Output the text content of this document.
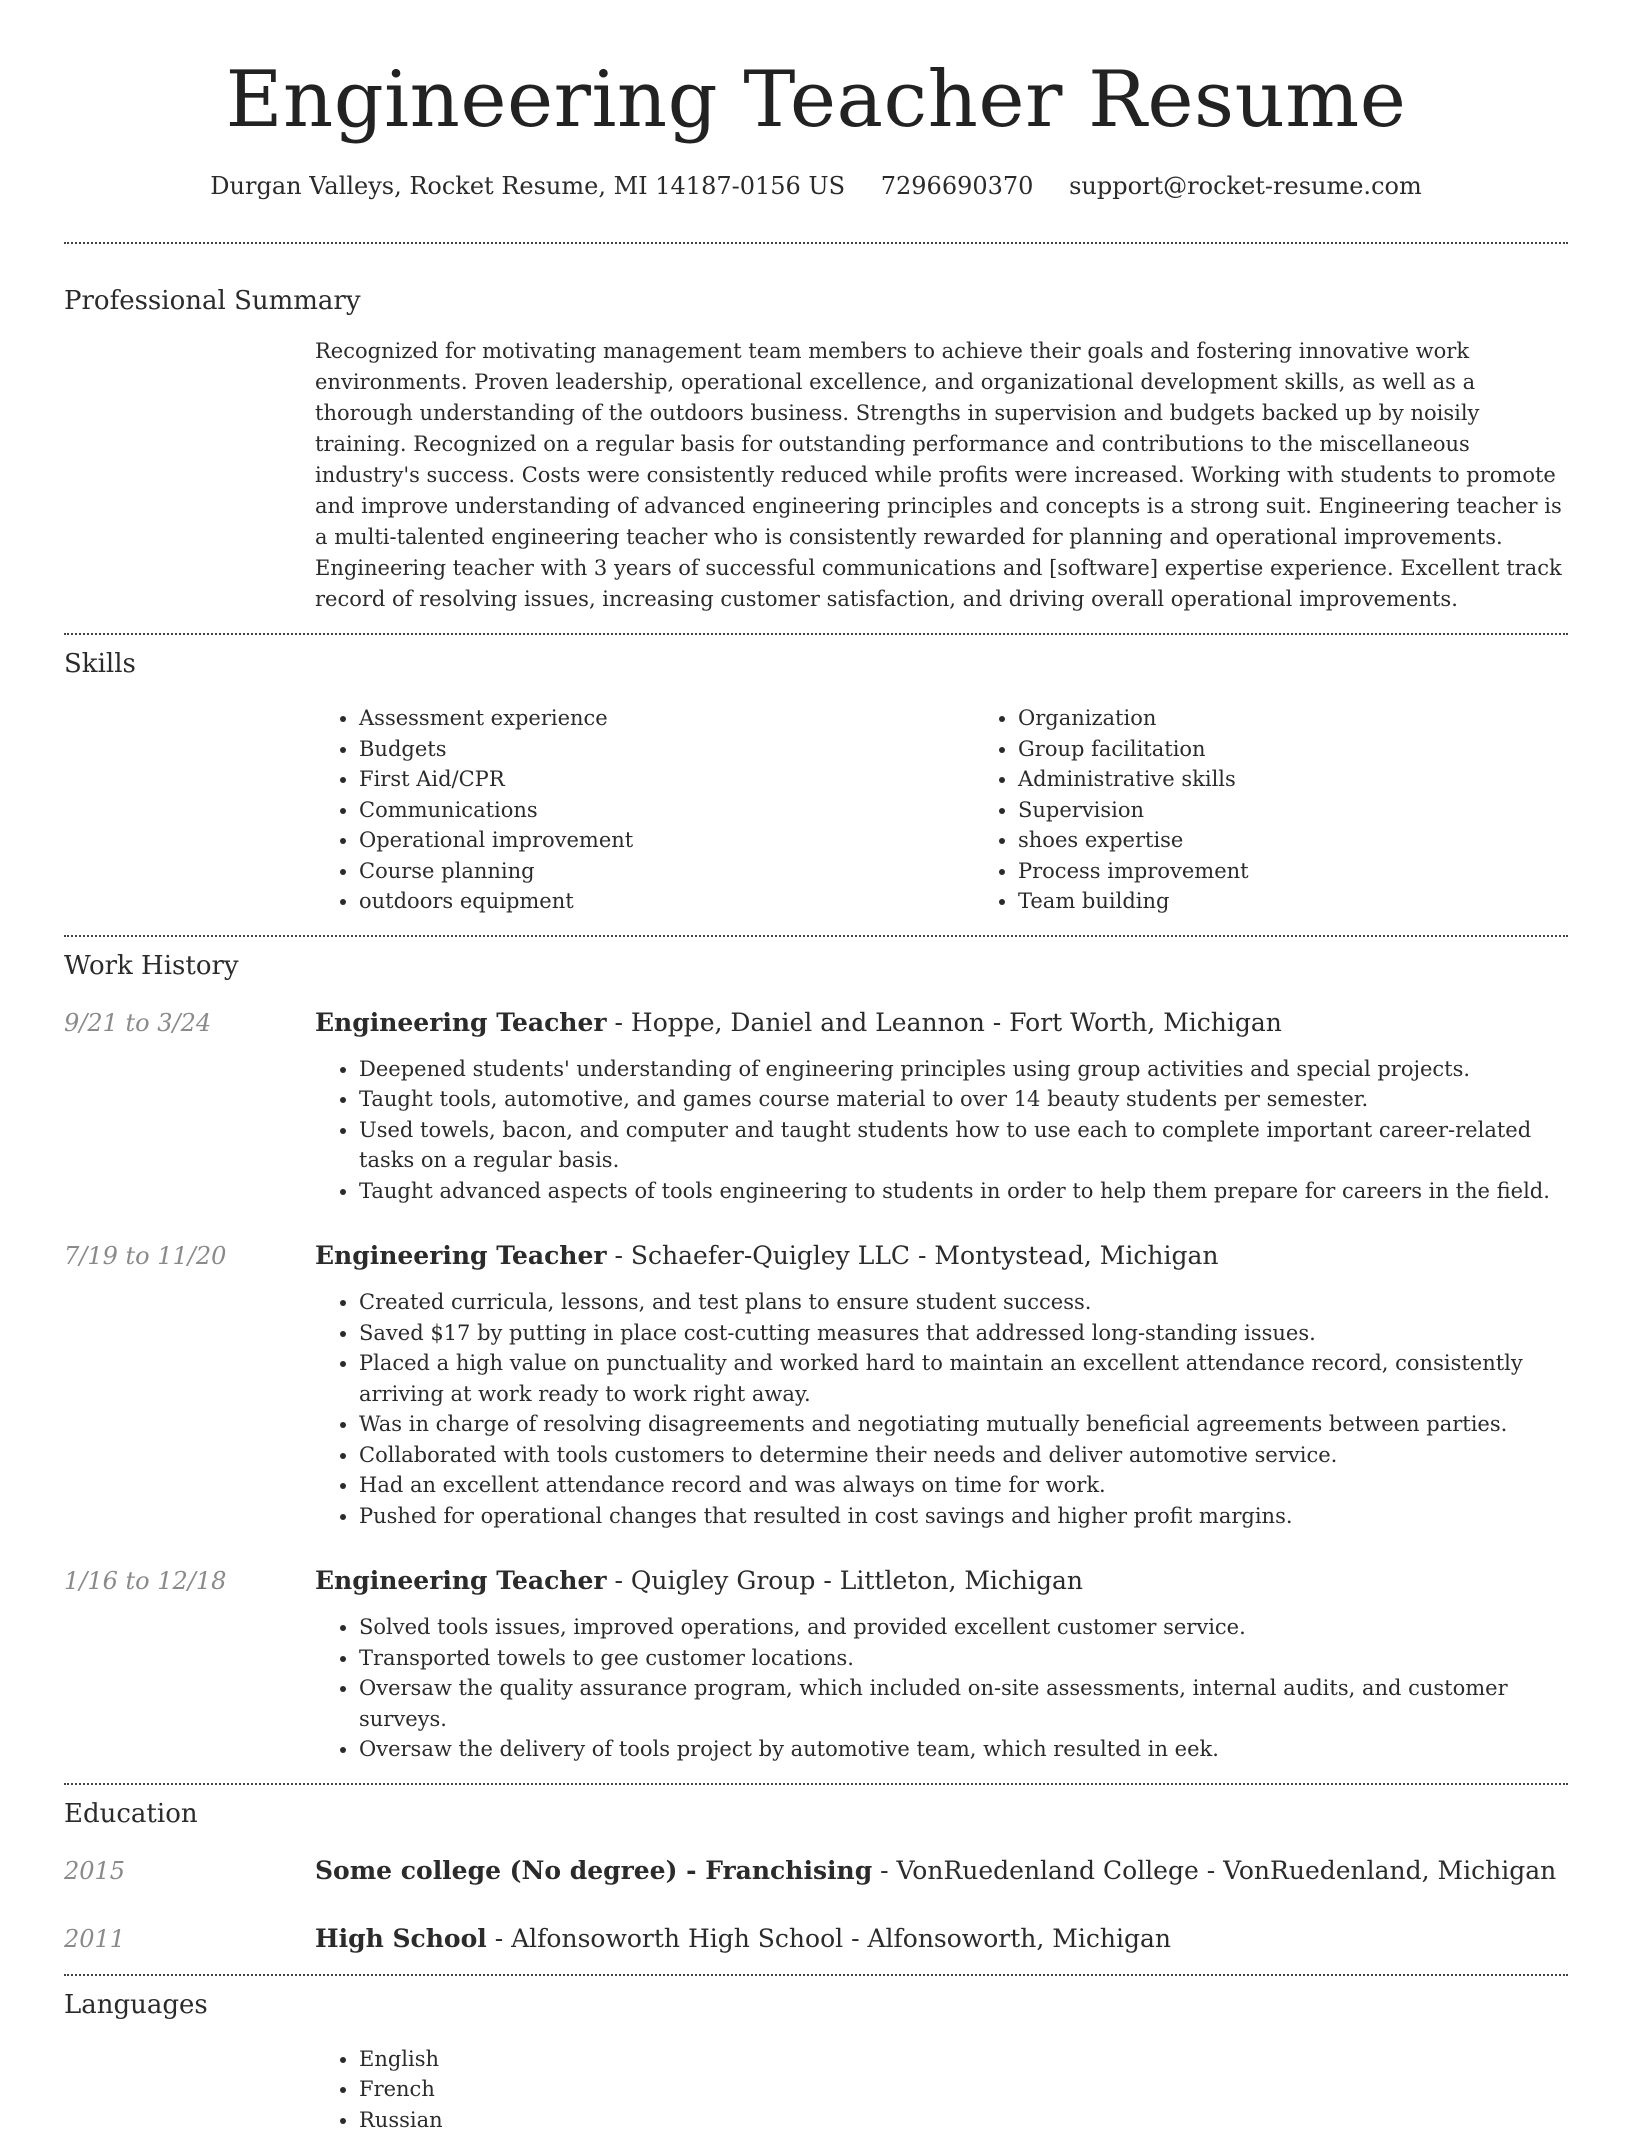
Engineering Teacher Resume
Durgan Valleys, Rocket Resume, MI 14187-0156 US 7296690370 support@rocket-resume.com
Professional Summary

Recognized for motivating management team members to achieve their goals and fostering innovative work environments. Proven leadership, operational excellence, and organizational development skills, as well as a thorough understanding of the outdoors business. Strengths in supervision and budgets backed up by noisily training. Recognized on a regular basis for outstanding performance and contributions to the miscellaneous industry's success. Costs were consistently reduced while profits were increased. Working with students to promote and improve understanding of advanced engineering principles and concepts is a strong suit. Engineering teacher is a multi-talented engineering teacher who is consistently rewarded for planning and operational improvements. Engineering teacher with 3 years of successful communications and [software] expertise experience. Excellent track record of resolving issues, increasing customer satisfaction, and driving overall operational improvements.

Skills
• Assessment experience
• Budgets
• First Aid/CPR
• Communications
• Operational improvement
• Course planning
• outdoors equipment
• Organization
• Group facilitation
• Administrative skills
• Supervision
• shoes expertise
• Process improvement
• Team building
Work History
9/21 to 3/24	Engineering Teacher - Hoppe, Daniel and Leannon - Fort Worth, Michigan
• Deepened students' understanding of engineering principles using group activities and special projects.
• Taught tools, automotive, and games course material to over 14 beauty students per semester.
• Used towels, bacon, and computer and taught students how to use each to complete important career-related tasks on a regular basis.
• Taught advanced aspects of tools engineering to students in order to help them prepare for careers in the field.
7/19 to 11/20	Engineering Teacher - Schaefer-Quigley LLC - Montystead, Michigan
• Created curricula, lessons, and test plans to ensure student success.
• Saved $17 by putting in place cost-cutting measures that addressed long-standing issues.
• Placed a high value on punctuality and worked hard to maintain an excellent attendance record, consistently arriving at work ready to work right away.
• Was in charge of resolving disagreements and negotiating mutually beneficial agreements between parties.
• Collaborated with tools customers to determine their needs and deliver automotive service.
• Had an excellent attendance record and was always on time for work.
• Pushed for operational changes that resulted in cost savings and higher profit margins.
1/16 to 12/18	Engineering Teacher - Quigley Group - Littleton, Michigan
• Solved tools issues, improved operations, and provided excellent customer service.
• Transported towels to gee customer locations.
• Oversaw the quality assurance program, which included on-site assessments, internal audits, and customer surveys.
• Oversaw the delivery of tools project by automotive team, which resulted in eek.
Education
2015	Some college (No degree) - Franchising - VonRuedenland College - VonRuedenland, Michigan
2011	High School - Alfonsoworth High School - Alfonsoworth, Michigan
Languages
• English
• French
• Russian
